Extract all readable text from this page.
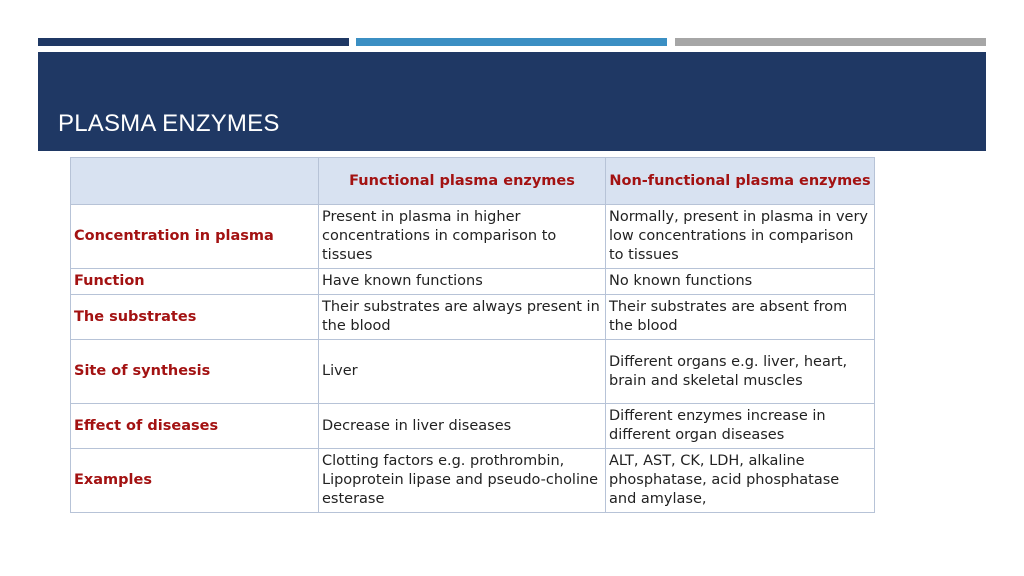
PLASMA ENZYMES
	Functional plasma enzymes	Non-functional plasma enzymes
Concentration in plasma	Present in plasma in higher concentrations in comparison to tissues	Normally, present in plasma in very low concentrations in comparison to tissues
Function	Have known functions	No known functions
The substrates	Their substrates are always present in the blood	Their substrates are absent from the blood
Site of synthesis	Liver	Different organs e.g. liver, heart, brain and skeletal muscles
Effect of diseases	Decrease in liver diseases	Different enzymes increase in different organ diseases
Examples	Clotting factors e.g. prothrombin, Lipoprotein lipase and pseudo-choline esterase	ALT, AST, CK, LDH, alkaline phosphatase, acid phosphatase and amylase,
